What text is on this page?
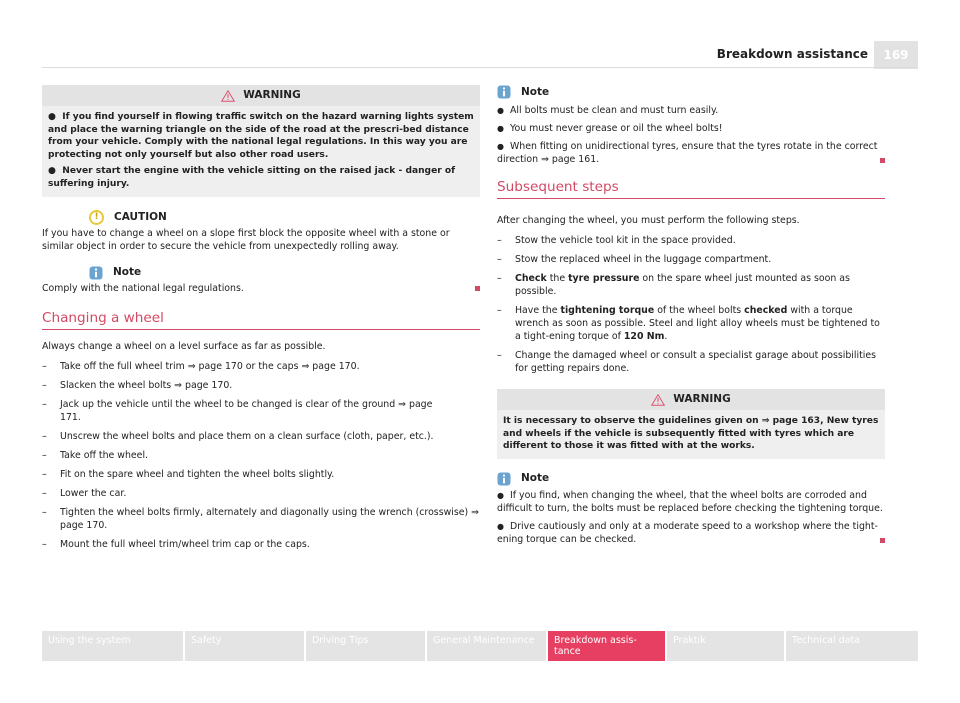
Breakdown assistance	169
WARNING

● If you find yourself in flowing traffic switch on the hazard warning lights system and place the warning triangle on the side of the road at the prescri-bed distance from your vehicle. Comply with the national legal regulations. In this way you are protecting not only yourself but also other road users.

● Never start the engine with the vehicle sitting on the raised jack - danger of suffering injury.

!	CAUTION

If you have to change a wheel on a slope first block the opposite wheel with a stone or similar object in order to secure the vehicle from unexpectedly rolling away.

Note

Comply with the national legal regulations.

Changing a wheel

Always change a wheel on a level surface as far as possible.

– Take off the full wheel trim ⇒ page 170 or the caps ⇒ page 170.
– Slacken the wheel bolts ⇒ page 170.
– Jack up the vehicle until the wheel to be changed is clear of the ground ⇒ page 171.
– Unscrew the wheel bolts and place them on a clean surface (cloth, paper, etc.).
– Take off the wheel.
– Fit on the spare wheel and tighten the wheel bolts slightly.
– Lower the car.
– Tighten the wheel bolts firmly, alternately and diagonally using the wrench (crosswise) ⇒ page 170.
– Mount the full wheel trim/wheel trim cap or the caps.
Note

● All bolts must be clean and must turn easily.

● You must never grease or oil the wheel bolts!

● When fitting on unidirectional tyres, ensure that the tyres rotate in the correct direction ⇒ page 161.

Subsequent steps

After changing the wheel, you must perform the following steps.

– Stow the vehicle tool kit in the space provided.
– Stow the replaced wheel in the luggage compartment.
– Check the tyre pressure on the spare wheel just mounted as soon as possible.
– Have the tightening torque of the wheel bolts checked with a torque wrench as soon as possible. Steel and light alloy wheels must be tightened to a tight-ening torque of 120 Nm.
– Change the damaged wheel or consult a specialist garage about possibilities for getting repairs done.
WARNING

It is necessary to observe the guidelines given on ⇒ page 163, New tyres and wheels if the vehicle is subsequently fitted with tyres which are different to those it was fitted with at the works.

Note

● If you find, when changing the wheel, that the wheel bolts are corroded and difficult to turn, the bolts must be replaced before checking the tightening torque.

● Drive cautiously and only at a moderate speed to a workshop where the tight-ening torque can be checked.

Using the system	Safety	Driving Tips	General Maintenance	Breakdown assis-tance
Praktik	Technical data
